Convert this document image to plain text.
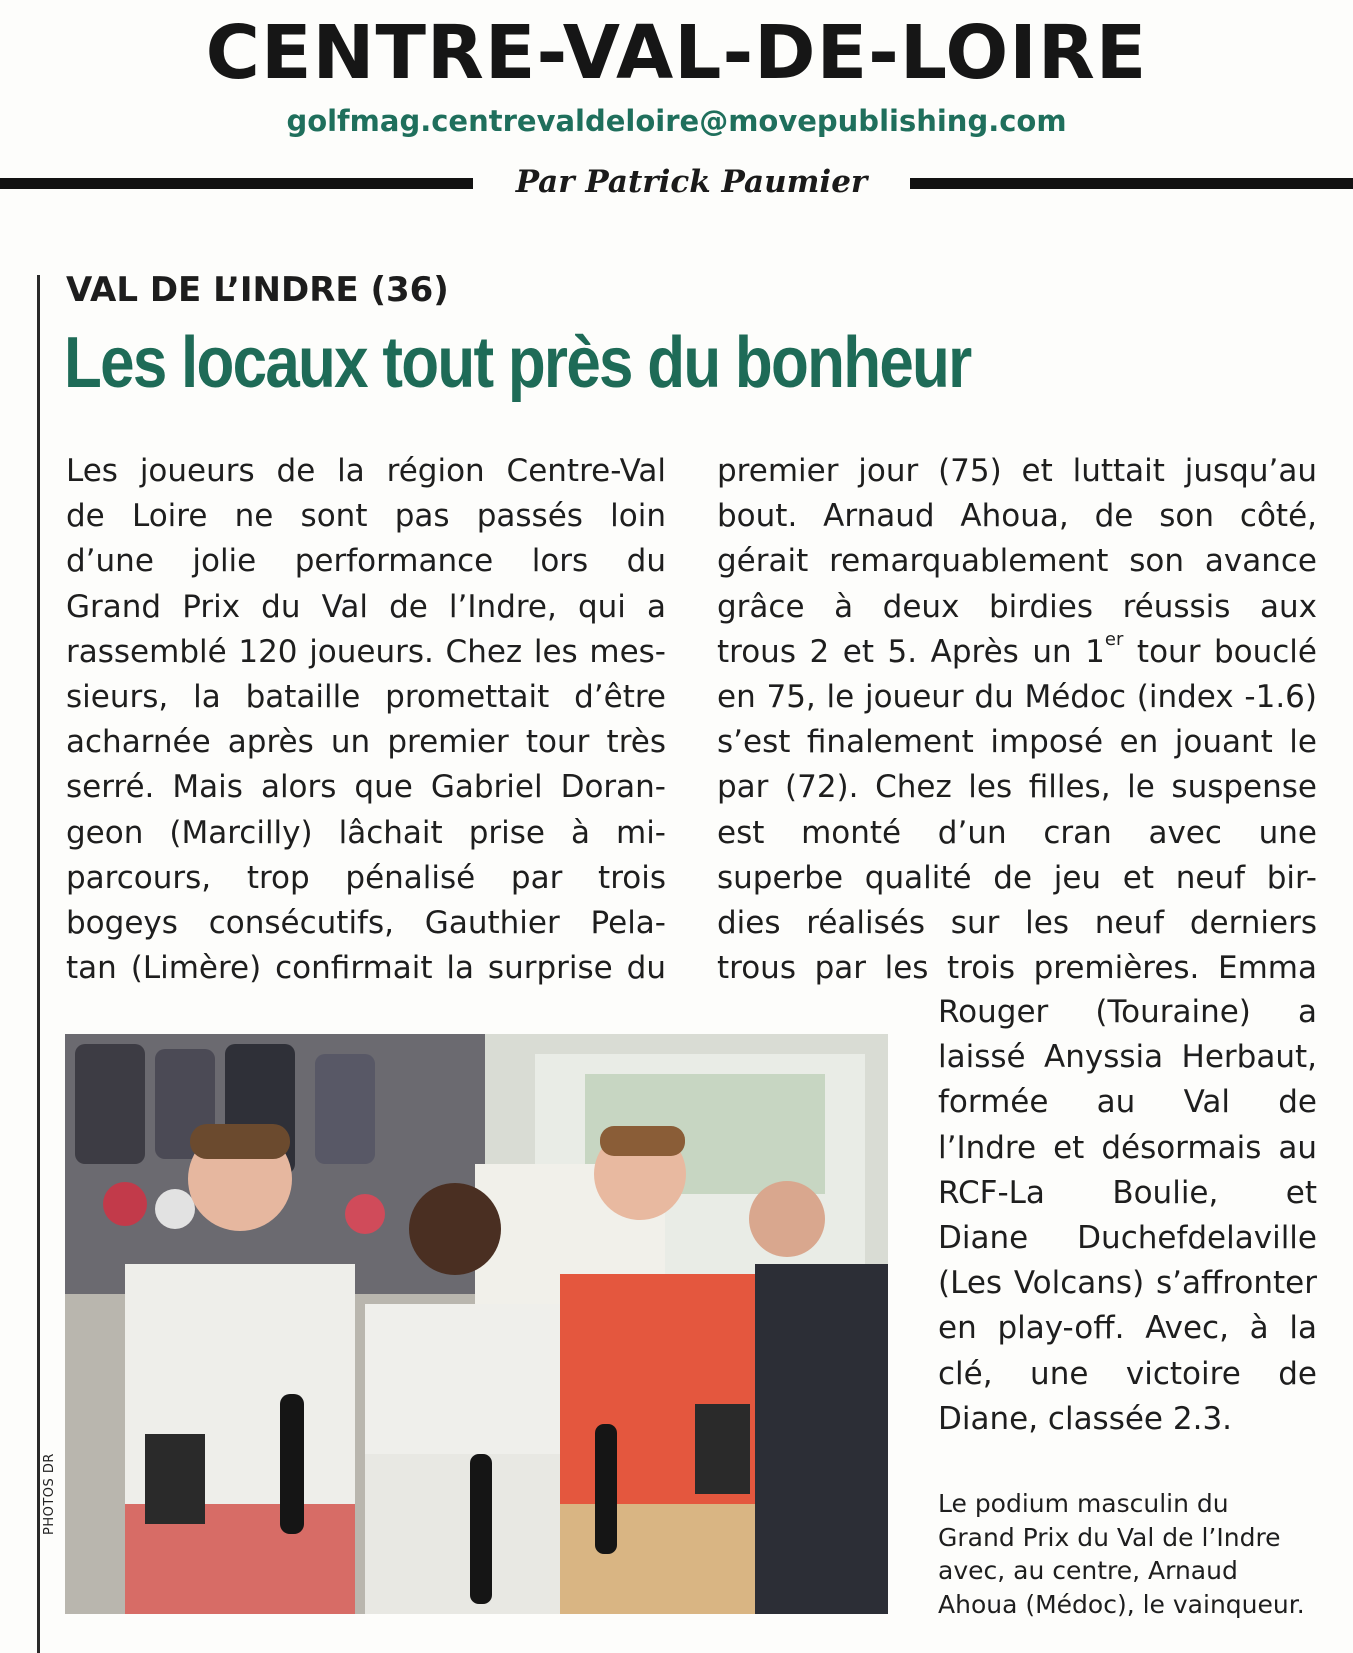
CENTRE-VAL-DE-LOIRE
golfmag.centrevaldeloire@movepublishing.com
Par Patrick Paumier
VAL DE L’INDRE (36)
Les locaux tout près du bonheur
Les joueurs de la région Centre-Val
de Loire ne sont pas passés loin
d’une jolie performance lors du
Grand Prix du Val de l’Indre, qui a
rassemblé 120 joueurs. Chez les mes-
sieurs, la bataille promettait d’être
acharnée après un premier tour très
serré. Mais alors que Gabriel Doran-
geon (Marcilly) lâchait prise à mi-
parcours, trop pénalisé par trois
bogeys consécutifs, Gauthier Pela-
tan (Limère) confirmait la surprise du
premier jour (75) et luttait jusqu’au
bout. Arnaud Ahoua, de son côté,
gérait remarquablement son avance
grâce à deux birdies réussis aux
trous 2 et 5. Après un 1er tour bouclé
en 75, le joueur du Médoc (index -1.6)
s’est finalement imposé en jouant le
par (72). Chez les filles, le suspense
est monté d’un cran avec une
superbe qualité de jeu et neuf bir-
dies réalisés sur les neuf derniers
trous par les trois premières. Emma
Rouger (Touraine) a
laissé Anyssia Herbaut,
formée au Val de
l’Indre et désormais au
RCF-La Boulie, et
Diane Duchefdelaville
(Les Volcans) s’affronter
en play-off. Avec, à la
clé, une victoire de
Diane, classée 2.3.
PHOTOS DR	Le podium masculin du
Grand Prix du Val de l’Indre
avec, au centre, Arnaud
Ahoua (Médoc), le vainqueur.
